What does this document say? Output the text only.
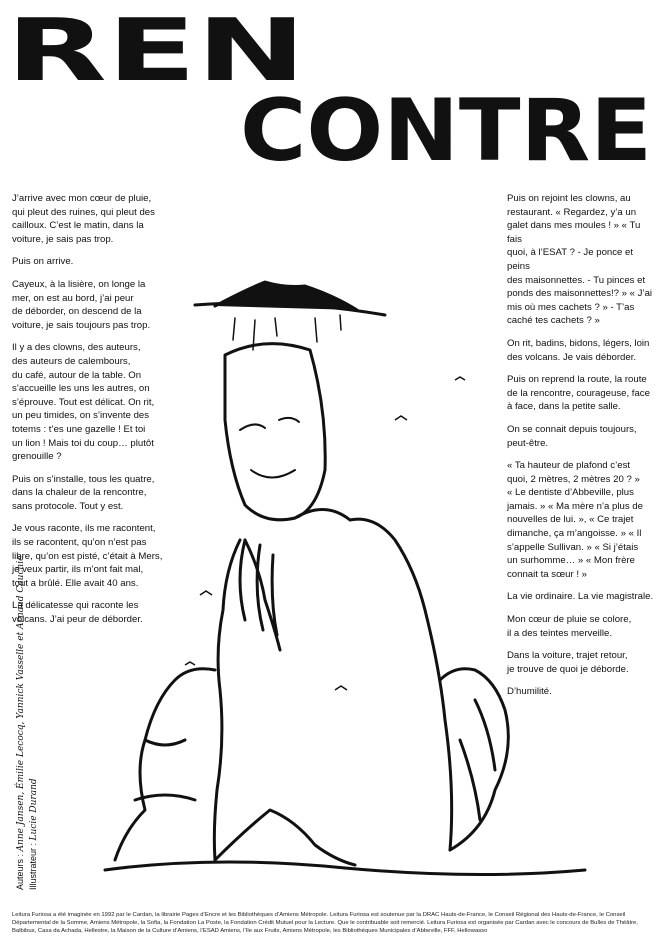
REN
CONTRE

J’arrive avec mon cœur de pluie,
qui pleut des ruines, qui pleut des
cailloux. C’est le matin, dans la
voiture, je sais pas trop.

Puis on arrive.

Cayeux, à la lisière, on longe la
mer, on est au bord, j’ai peur
de déborder, on descend de la
voiture, je sais toujours pas trop.

Il y a des clowns, des auteurs,
des auteurs de calembours,
du café, autour de la table. On
s’accueille les uns les autres, on
s’éprouve. Tout est délicat. On rit,
un peu timides, on s’invente des
totems : t’es une gazelle ! Et toi
un lion ! Mais toi du coup… plutôt
grenouille ?

Puis on s’installe, tous les quatre,
dans la chaleur de la rencontre,
sans protocole. Tout y est.

Je vous raconte, ils me racontent,
ils se racontent, qu’on n’est pas
libre, qu’on est pisté, c’était à Mers,
je veux partir, ils m’ont fait mal,
tout a brûlé. Elle avait 40 ans.

La délicatesse qui raconte les
volcans. J’ai peur de déborder.

Puis on rejoint les clowns, au
restaurant. « Regardez, y’a un
galet dans mes moules ! » « Tu fais
quoi, à l’ESAT ? - Je ponce et peins
des maisonnettes. - Tu pinces et
ponds des maisonnettes!? » « J’ai
mis où mes cachets ? » - T’as
caché tes cachets ? »

On rit, badins, bidons, légers, loin
des volcans. Je vais déborder.

Puis on reprend la route, la route
de la rencontre, courageuse, face
à face, dans la petite salle.

On se connait depuis toujours,
peut-être.

« Ta hauteur de plafond c’est
quoi, 2 mètres, 2 mètres 20 ? »
« Le dentiste d’Abbeville, plus
jamais. » « Ma mère n’a plus de
nouvelles de lui. », « Ce trajet
dimanche, ça m’angoisse. » « Il
s’appelle Sullivan. » « Si j’étais
un surhomme… » « Mon frère
connait ta sœur ! »

La vie ordinaire. La vie magistrale.

Mon cœur de pluie se colore,
il a des teintes merveille.

Dans la voiture, trajet retour,
je trouve de quoi je déborde.

D’humilité.

Auteurs : Anne Jansen, Émilie Lecocq, Yannick Vasselle et Arnaud Cauchie
Illustrateur : Lucie Durand
Leitura Furiosa a été imaginée en 1992 par le Cardan, la librairie Pages d’Encre et les Bibliothèques d’Amiens Métropole. Leitura Furiosa est soutenue par la DRAC Hauts-de-France, le Conseil Régional des Hauts-de-France, le Conseil Départemental de la Somme, Amiens Métropole, la Sofia, la Fondation La Poste, la Fondation Crédit Mutuel pour la Lecture. Que le contribuable soit remercié. Leitura Furiosa est organisée par Cardan avec le concours de Bulles de Théâtre, Balbibus, Casa da Achada, Hellestre, la Maison de la Culture d’Amiens, l’ESAD Amiens, l’Ile aux Fruits, Amiens Métropole, les Bibliothèques Municipales d’Abbeville, FFF, Hellowasso
